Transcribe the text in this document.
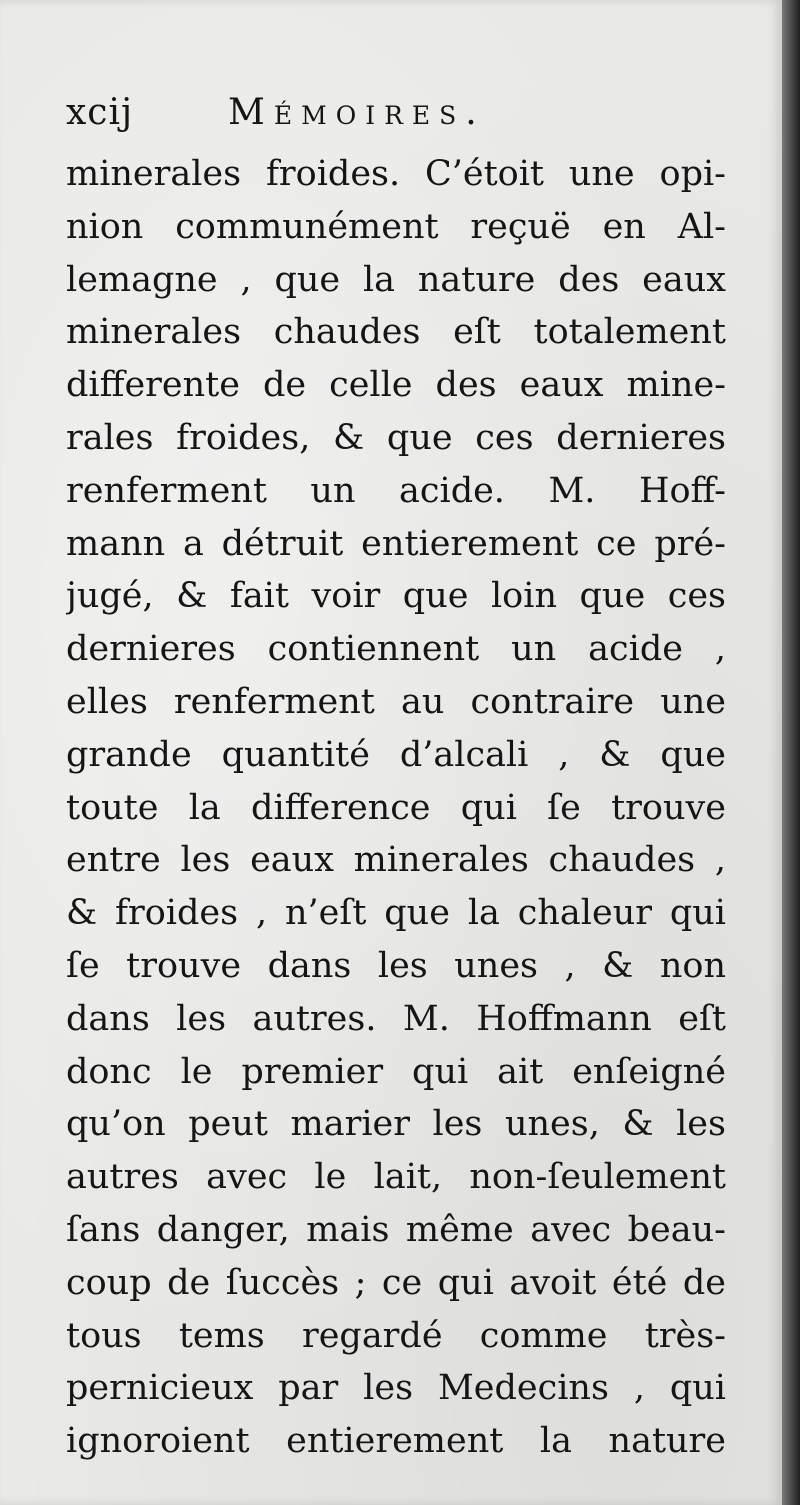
xcij	Mémoires.
minerales froides. C’étoit une opi-
nion communément reçuë en Al-
lemagne , que la nature des eaux
minerales chaudes eſt totalement
differente de celle des eaux mine-
rales froides, & que ces dernieres
renferment un acide. M. Hoff-
mann a détruit entierement ce pré-
jugé, & fait voir que loin que ces
dernieres contiennent un acide ,
elles renferment au contraire une
grande quantité d’alcali , & que
toute la difference qui ſe trouve
entre les eaux minerales chaudes ,
& froides , n’eſt que la chaleur qui
ſe trouve dans les unes , & non
dans les autres. M. Hoffmann eſt
donc le premier qui ait enſeigné
qu’on peut marier les unes, & les
autres avec le lait, non-ſeulement
ſans danger, mais même avec beau-
coup de ſuccès ; ce qui avoit été de
tous tems regardé comme très-
pernicieux par les Medecins , qui
ignoroient entierement la nature
